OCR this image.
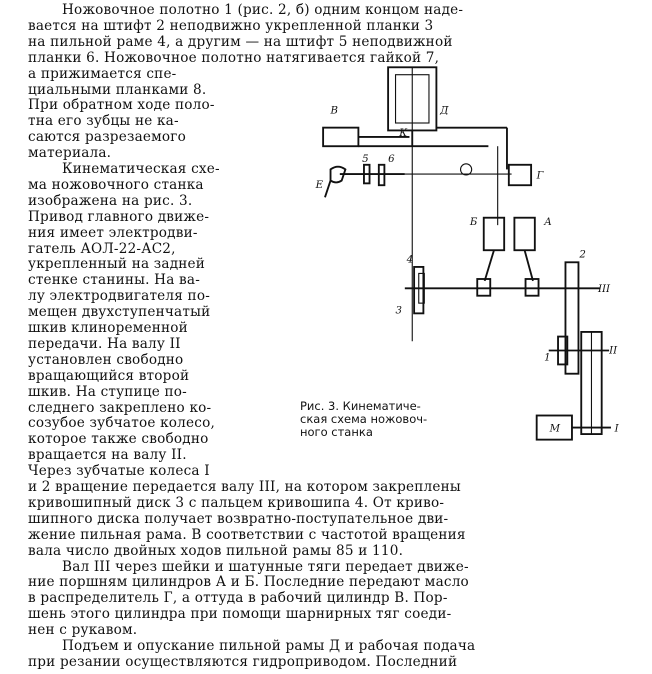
Ножовочное полотно 1 (рис. 2, б) одним концом наде-
вается на штифт 2 неподвижно укрепленной планки 3
на пильной раме 4, а другим — на штифт 5 неподвижной
планки 6. Ножовочное полотно натягивается гайкой 7,
а прижимается спе-
циальными планками 8.
При обратном ходе поло-
тна его зубцы не ка-
саются разрезаемого
материала.
Кинематическая схе-
ма ножовочного станка
изображена на рис. 3.
Привод главного движе-
ния имеет электродви-
гатель АОЛ-22-АС2,
укрепленный на задней
стенке станины. На ва-
лу электродвигателя по-
мещен двухступенчатый
шкив клиноременной
передачи. На валу II
установлен свободно
вращающийся второй
шкив. На ступице по-
следнего закреплено ко-
созубое зубчатое колесо,
которое также свободно
вращается на валу II.
Через зубчатые колеса I
и 2 вращение передается валу III, на котором закреплены
кривошипный диск 3 с пальцем кривошипа 4. От криво-
шипного диска получает возвратно-поступательное дви-
жение пильная рама. В соответствии с частотой вращения
вала число двойных ходов пильной рамы 85 и 110.
Вал III через шейки и шатунные тяги передает движе-
ние поршням цилиндров А и Б. Последние передают масло
Рис. 3. Кинематиче-
ская схема ножовоч-
ного станка
В	Д
К
Е
5 6
Г
Б	А
4
3
2
III
1
II
М	I
в распределитель Г, а оттуда в рабочий цилиндр В. Пор-
шень этого цилиндра при помощи шарнирных тяг соеди-
нен с рукавом.
Подъем и опускание пильной рамы Д и рабочая подача
при резании осуществляются гидроприводом. Последний
